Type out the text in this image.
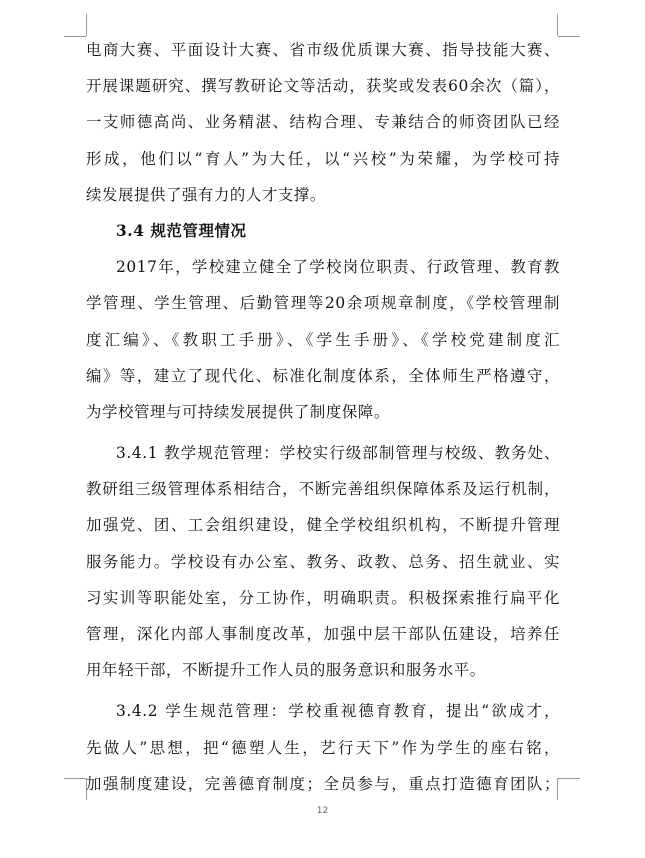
电商大赛、平面设计大赛、省市级优质课大赛、指导技能大赛、
开展课题研究、撰写教研论文等活动，获奖或发表60余次（篇），
一支师德高尚、业务精湛、结构合理、专兼结合的师资团队已经
形成，他们以“育人”为大任，以“兴校”为荣耀，为学校可持
续发展提供了强有力的人才支撑。
3.4 规范管理情况
2017年，学校建立健全了学校岗位职责、行政管理、教育教
学管理、学生管理、后勤管理等20余项规章制度，《学校管理制
度汇编》、《教职工手册》、《学生手册》、《学校党建制度汇
编》等，建立了现代化、标准化制度体系，全体师生严格遵守，
为学校管理与可持续发展提供了制度保障。
3.4.1 教学规范管理：学校实行级部制管理与校级、教务处、
教研组三级管理体系相结合，不断完善组织保障体系及运行机制，
加强党、团、工会组织建设，健全学校组织机构，不断提升管理
服务能力。学校设有办公室、教务、政教、总务、招生就业、实
习实训等职能处室，分工协作，明确职责。积极探索推行扁平化
管理，深化内部人事制度改革，加强中层干部队伍建设，培养任
用年轻干部，不断提升工作人员的服务意识和服务水平。
3.4.2 学生规范管理：学校重视德育教育，提出“欲成才，
先做人”思想，把“德塑人生，艺行天下”作为学生的座右铭，
加强制度建设，完善德育制度；全员参与，重点打造德育团队；
12
